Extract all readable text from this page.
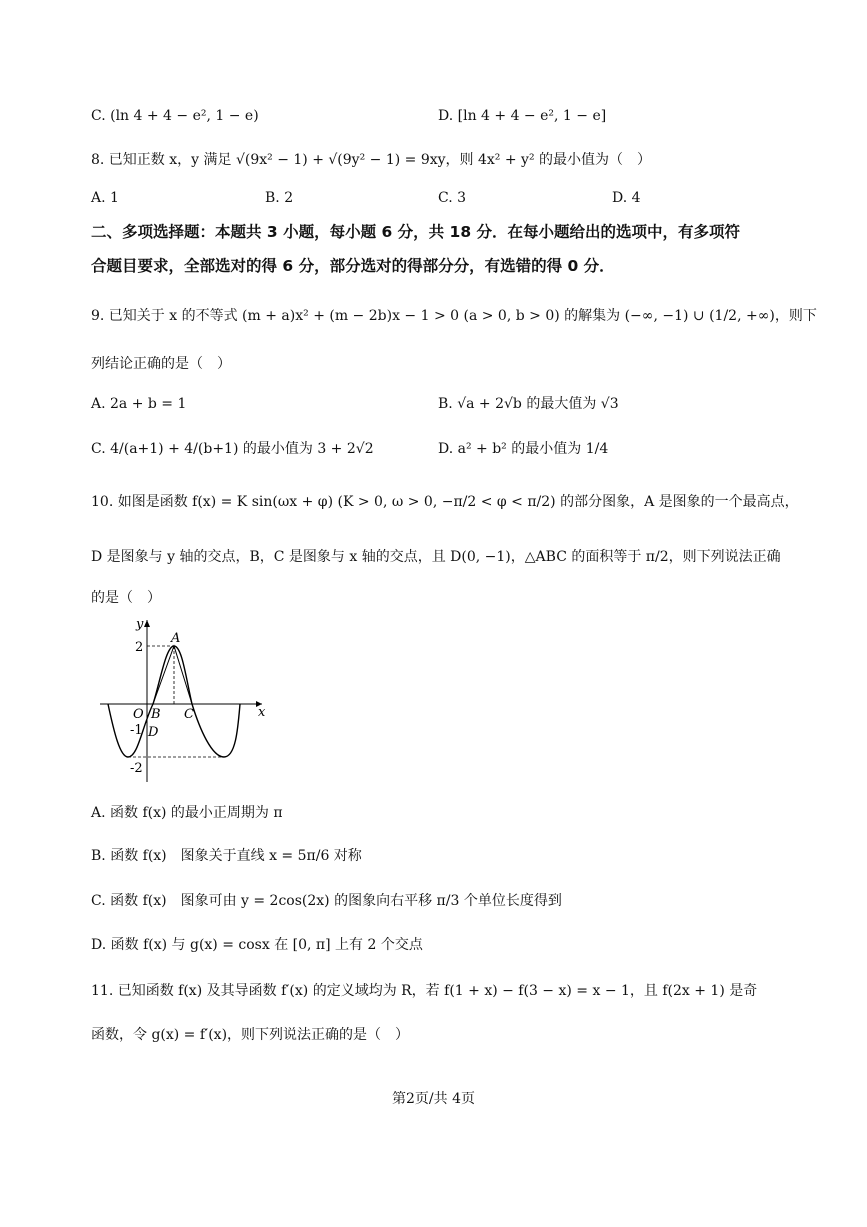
C. (ln 4 + 4 − e², 1 − e)	D. [ln 4 + 4 − e², 1 − e]
8. 已知正数 x，y 满足 √(9x² − 1) + √(9y² − 1) = 9xy，则 4x² + y² 的最小值为（　）
A. 1	B. 2	C. 3	D. 4
二、多项选择题：本题共 3 小题，每小题 6 分，共 18 分．在每小题给出的选项中，有多项符
合题目要求，全部选对的得 6 分，部分选对的得部分分，有选错的得 0 分．
9. 已知关于 x 的不等式 (m + a)x² + (m − 2b)x − 1 > 0 (a > 0, b > 0) 的解集为 (−∞, −1) ∪ (1/2, +∞)，则下
列结论正确的是（　）
A. 2a + b = 1	B. √a + 2√b 的最大值为 √3
C. 4/(a+1) + 4/(b+1) 的最小值为 3 + 2√2	D. a² + b² 的最小值为 1/4
10. 如图是函数 f(x) = K sin(ωx + φ) (K > 0, ω > 0, −π/2 < φ < π/2) 的部分图象，A 是图象的一个最高点，
D 是图象与 y 轴的交点，B，C 是图象与 x 轴的交点，且 D(0, −1)，△ABC 的面积等于 π/2，则下列说法正确
的是（　）
y
x
A
O B C
D
2
-1
-2
A. 函数 f(x) 的最小正周期为 π
B. 函数 f(x)　图象关于直线 x = 5π/6 对称
C. 函数 f(x)　图象可由 y = 2cos(2x) 的图象向右平移 π/3 个单位长度得到
D. 函数 f(x) 与 g(x) = cosx 在 [0, π] 上有 2 个交点
11. 已知函数 f(x) 及其导函数 f′(x) 的定义域均为 R，若 f(1 + x) − f(3 − x) = x − 1，且 f(2x + 1) 是奇
函数，令 g(x) = f′(x)，则下列说法正确的是（　）
第2页/共 4页
